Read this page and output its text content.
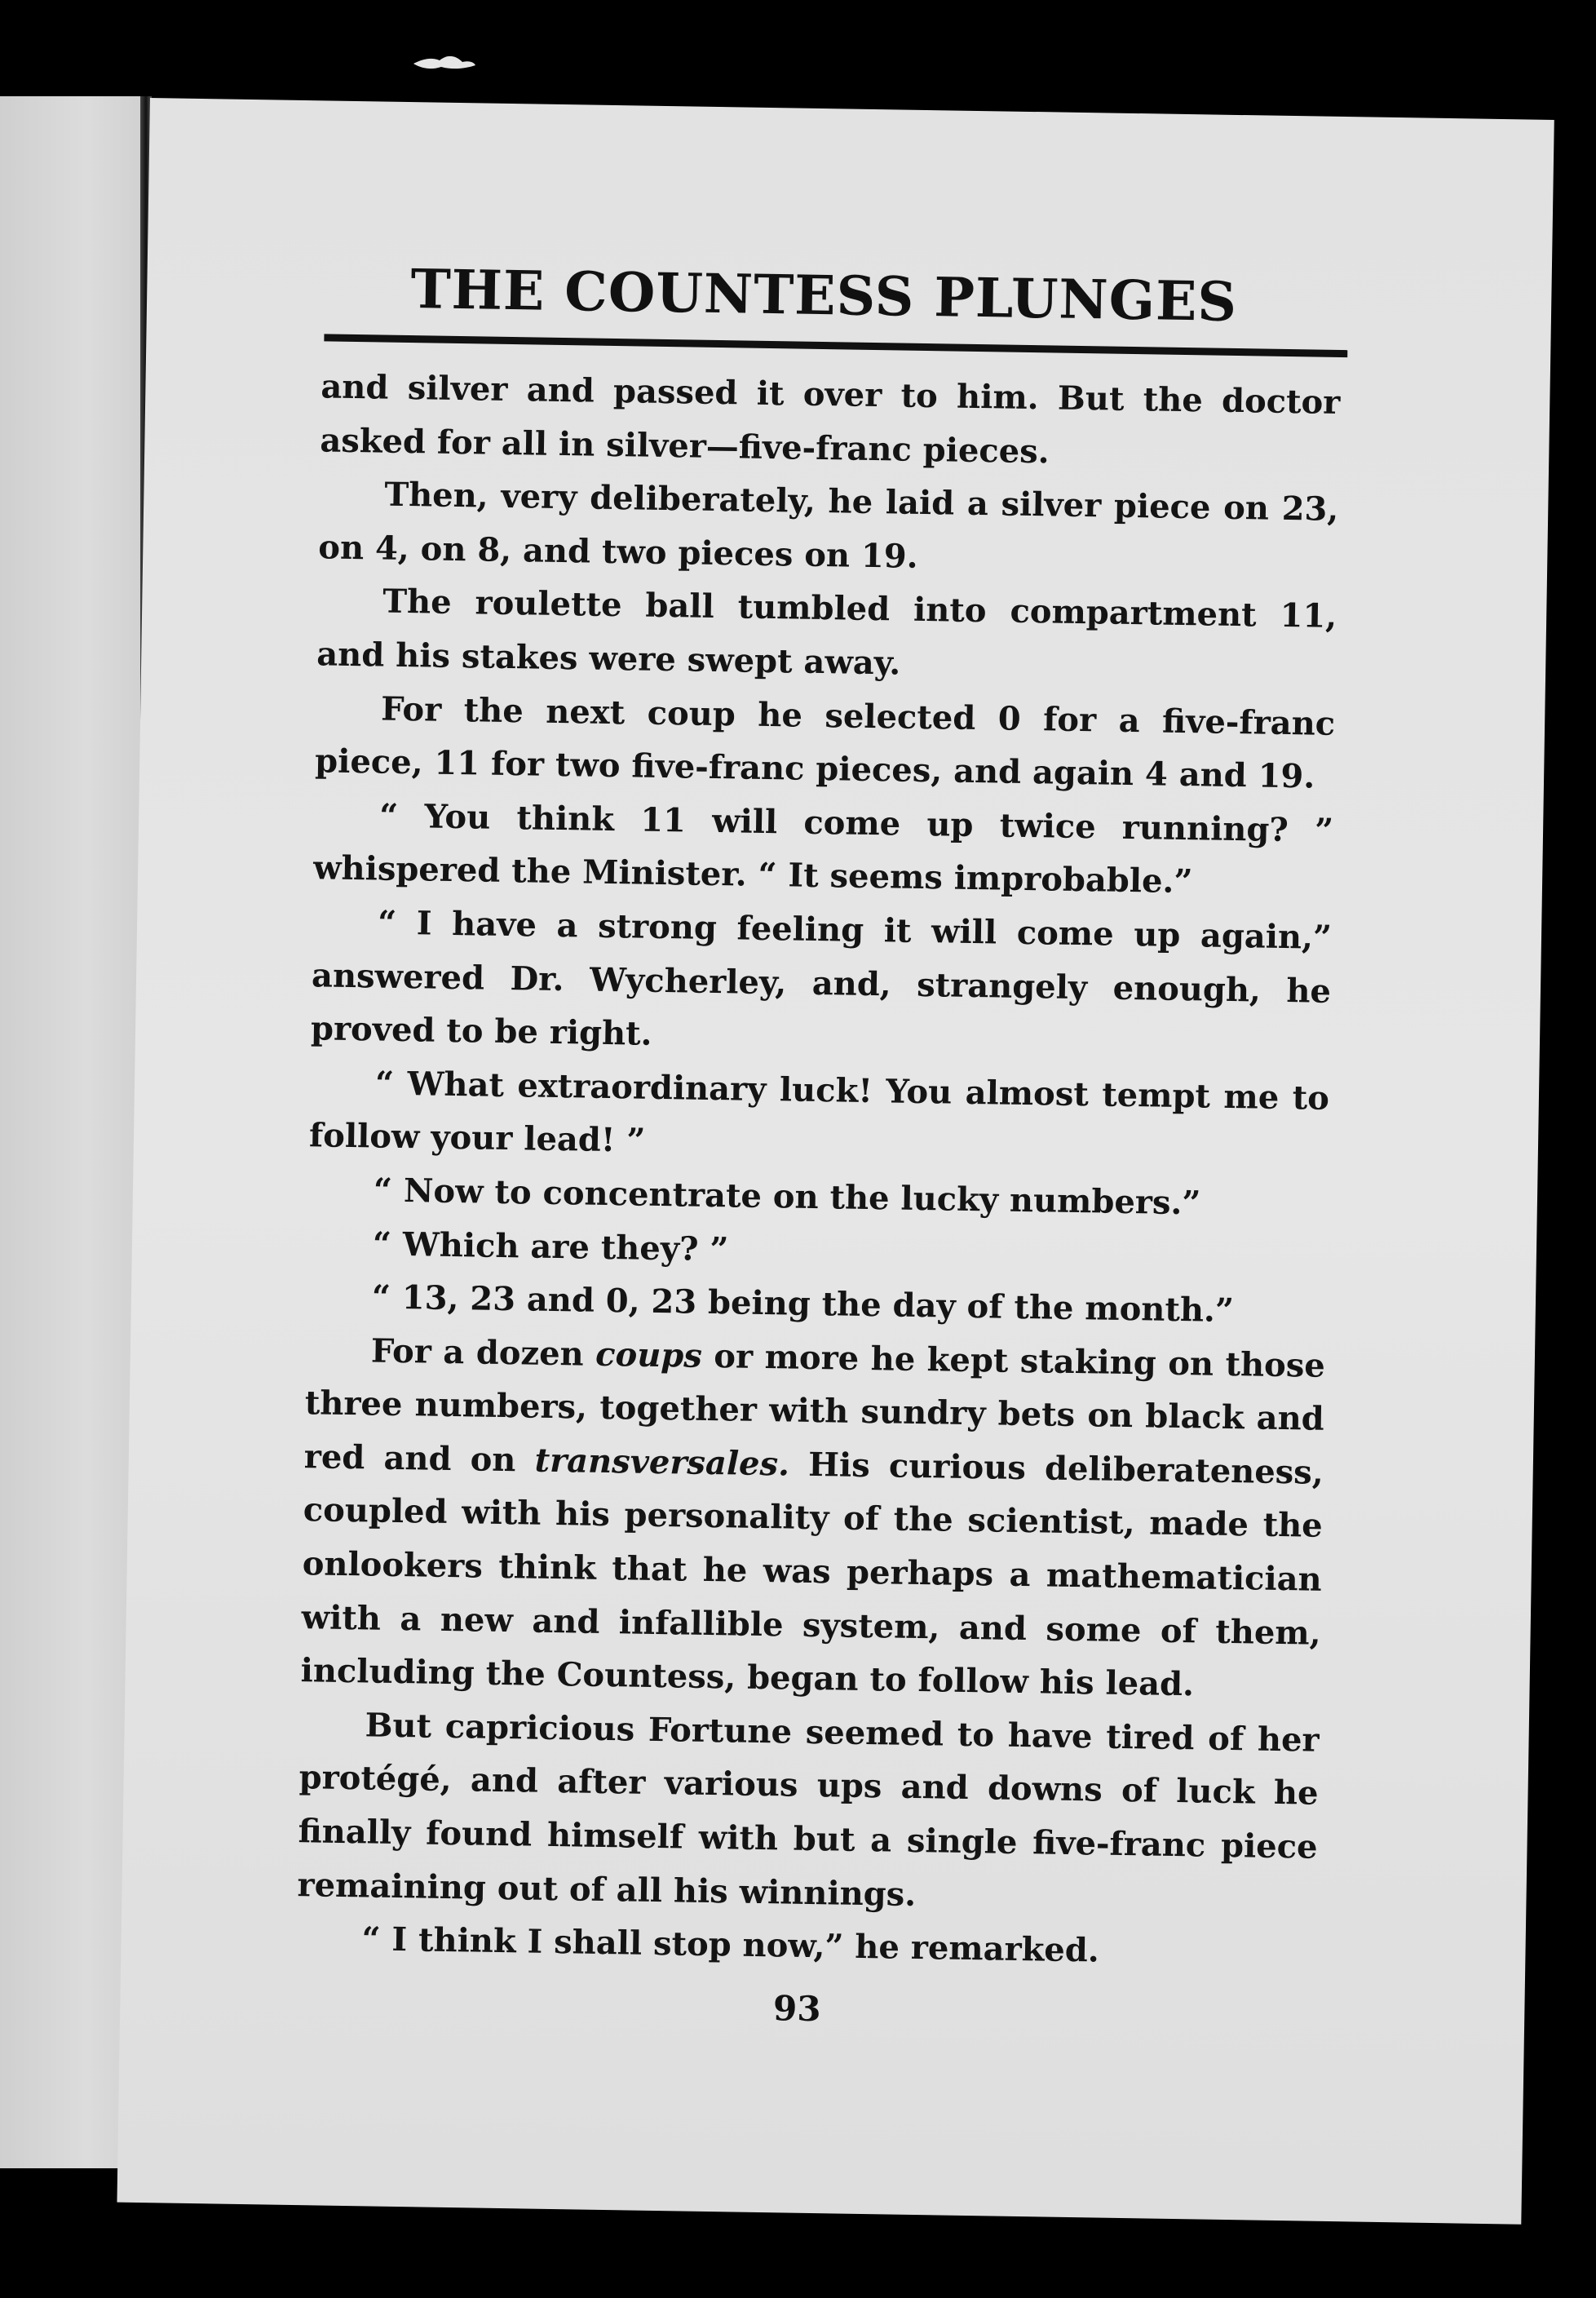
THE COUNTESS PLUNGES

and silver and passed it over to him. But the doctor asked for all in silver—five-franc pieces.

Then, very deliberately, he laid a silver piece on 23, on 4, on 8, and two pieces on 19.

The roulette ball tumbled into compartment 11, and his stakes were swept away.

For the next coup he selected 0 for a five-franc piece, 11 for two five-franc pieces, and again 4 and 19.

“ You think 11 will come up twice running? ” whispered the Minister. “ It seems improbable.”

“ I have a strong feeling it will come up again,” answered Dr. Wycherley, and, strangely enough, he proved to be right.

“ What extraordinary luck! You almost tempt me to follow your lead! ”

“ Now to concentrate on the lucky numbers.”

“ Which are they? ”

“ 13, 23 and 0, 23 being the day of the month.”

For a dozen coups or more he kept staking on those three numbers, together with sundry bets on black and red and on transversales. His curious deliberateness, coupled with his personality of the scientist, made the onlookers think that he was perhaps a mathematician with a new and infallible system, and some of them, including the Countess, began to follow his lead.

But capricious Fortune seemed to have tired of her protégé, and after various ups and downs of luck he finally found himself with but a single five-franc piece remaining out of all his winnings.

“ I think I shall stop now,” he remarked.

93
